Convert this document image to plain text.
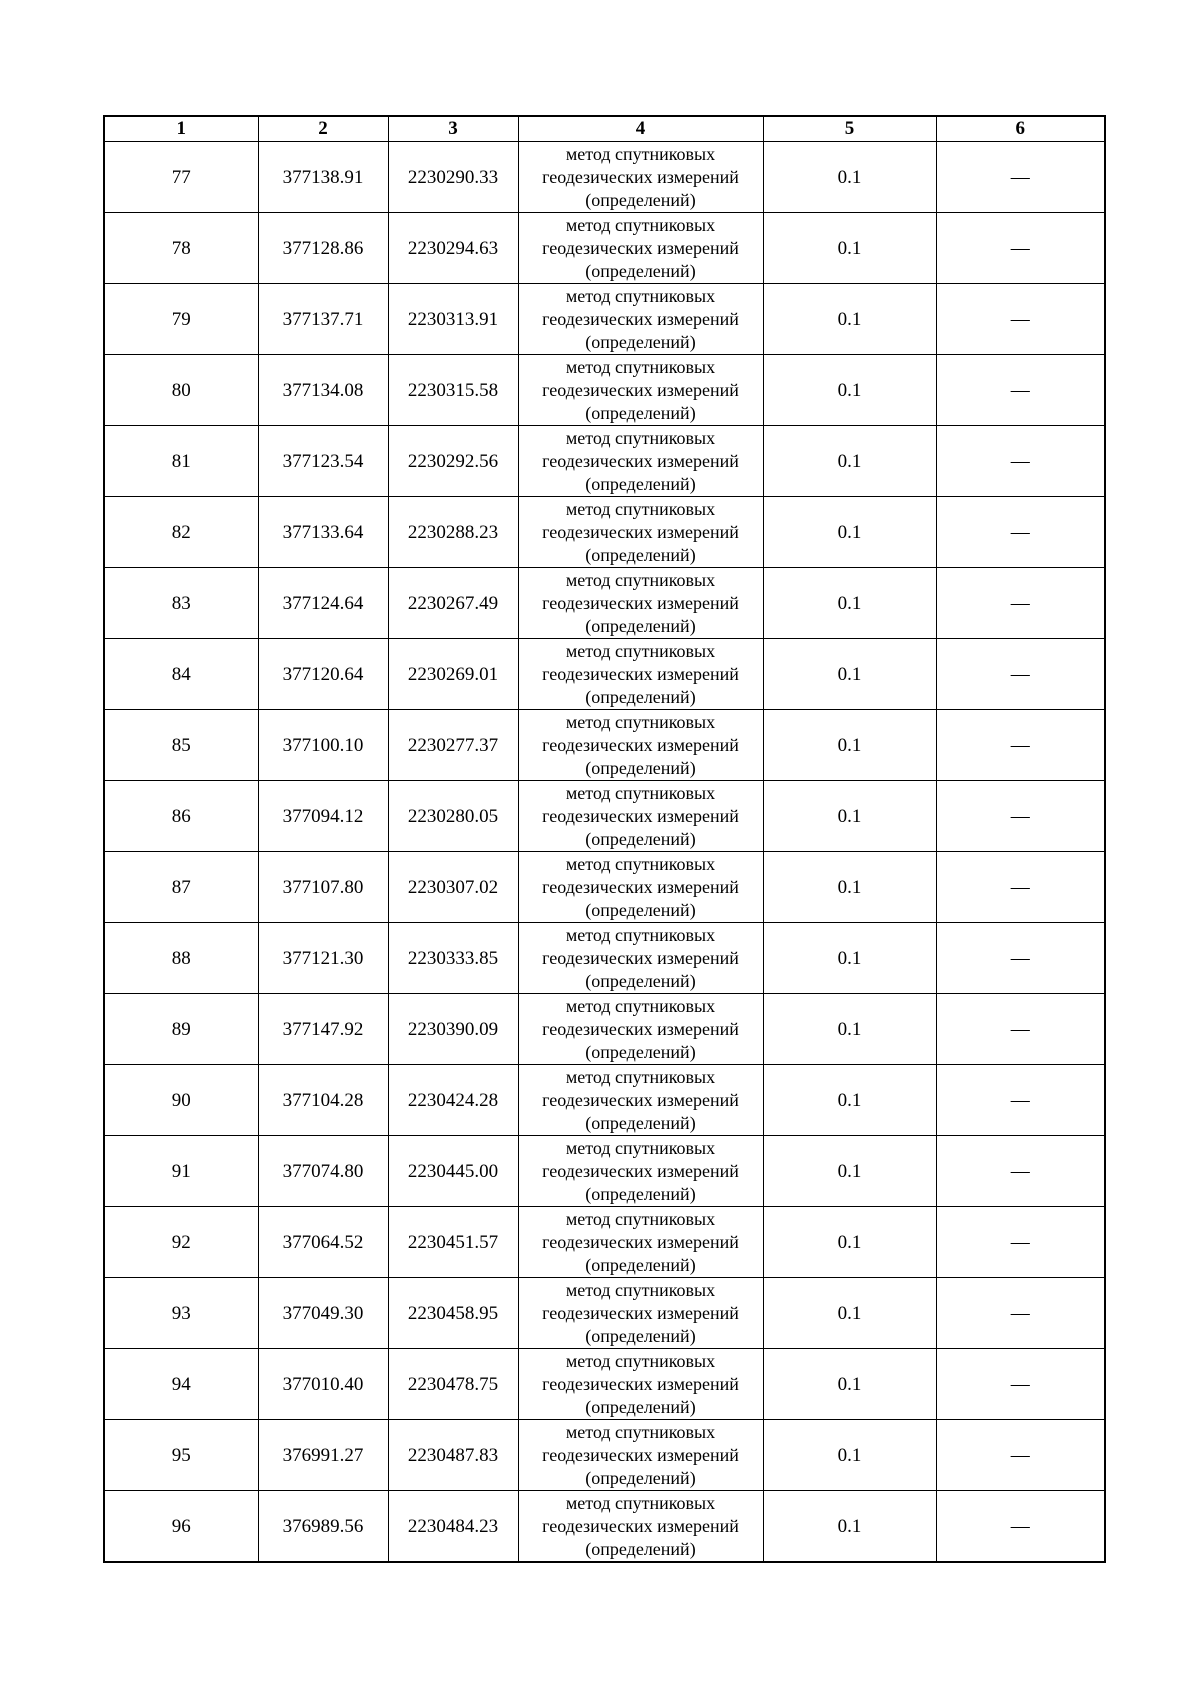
1	2	3	4	5	6
77	377138.91	2230290.33	метод спутниковых
геодезических измерений
(определений)	0.1	—
78	377128.86	2230294.63	метод спутниковых
геодезических измерений
(определений)	0.1	—
79	377137.71	2230313.91	метод спутниковых
геодезических измерений
(определений)	0.1	—
80	377134.08	2230315.58	метод спутниковых
геодезических измерений
(определений)	0.1	—
81	377123.54	2230292.56	метод спутниковых
геодезических измерений
(определений)	0.1	—
82	377133.64	2230288.23	метод спутниковых
геодезических измерений
(определений)	0.1	—
83	377124.64	2230267.49	метод спутниковых
геодезических измерений
(определений)	0.1	—
84	377120.64	2230269.01	метод спутниковых
геодезических измерений
(определений)	0.1	—
85	377100.10	2230277.37	метод спутниковых
геодезических измерений
(определений)	0.1	—
86	377094.12	2230280.05	метод спутниковых
геодезических измерений
(определений)	0.1	—
87	377107.80	2230307.02	метод спутниковых
геодезических измерений
(определений)	0.1	—
88	377121.30	2230333.85	метод спутниковых
геодезических измерений
(определений)	0.1	—
89	377147.92	2230390.09	метод спутниковых
геодезических измерений
(определений)	0.1	—
90	377104.28	2230424.28	метод спутниковых
геодезических измерений
(определений)	0.1	—
91	377074.80	2230445.00	метод спутниковых
геодезических измерений
(определений)	0.1	—
92	377064.52	2230451.57	метод спутниковых
геодезических измерений
(определений)	0.1	—
93	377049.30	2230458.95	метод спутниковых
геодезических измерений
(определений)	0.1	—
94	377010.40	2230478.75	метод спутниковых
геодезических измерений
(определений)	0.1	—
95	376991.27	2230487.83	метод спутниковых
геодезических измерений
(определений)	0.1	—
96	376989.56	2230484.23	метод спутниковых
геодезических измерений
(определений)	0.1	—
